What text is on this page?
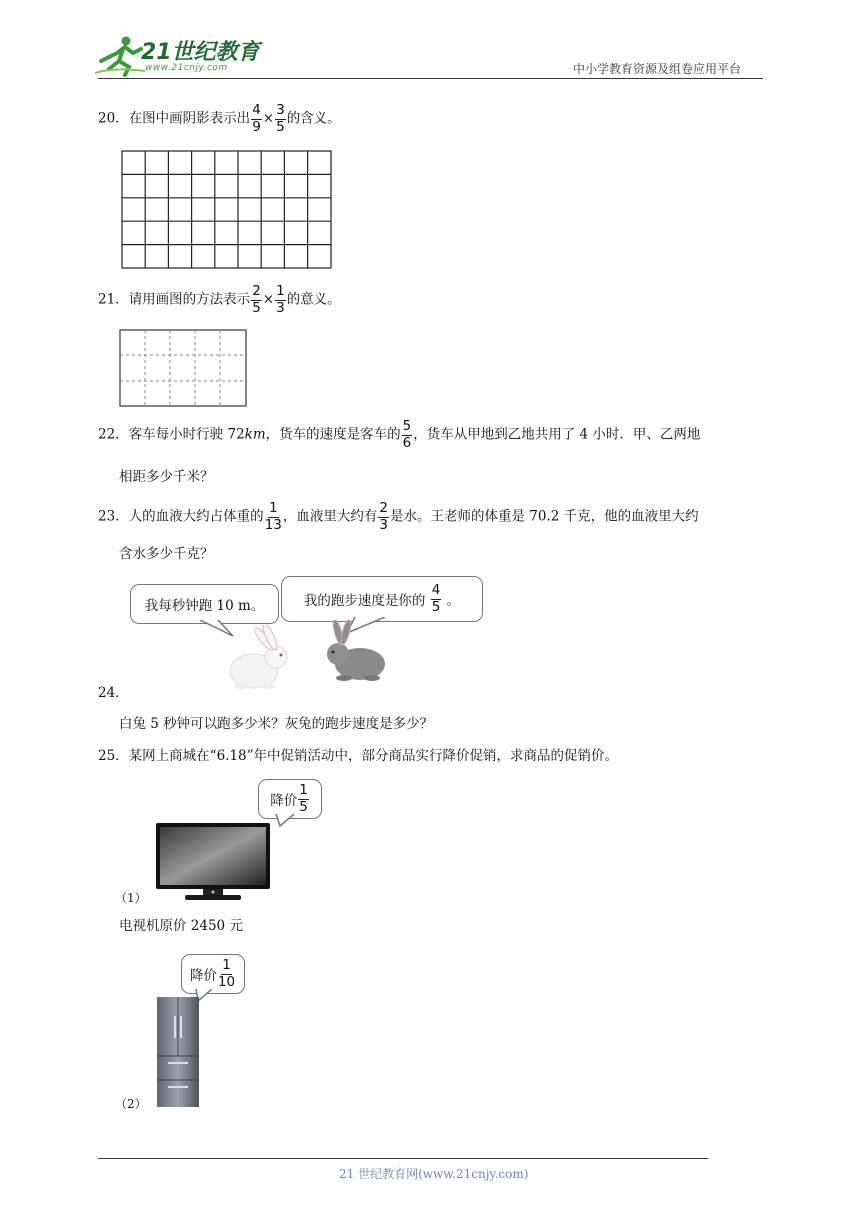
21世纪教育
www.21cnjy.com	中小学教育资源及组卷应用平台
20．在图中画阴影表示出 $\frac{4}{9} \times \frac{3}{5}$ 的含义。
21．请用画图的方法表示 $\frac{2}{5} \times \frac{1}{3}$ 的意义。
22．客车每小时行驶 72km，货车的速度是客车的 $\frac{5}{6}$ ，货车从甲地到乙地共用了 4 小时．甲、乙两地
相距多少千米？
23．人的血液大约占体重的 $\frac{1}{13}$ ，血液里大约有 $\frac{2}{3}$ 是水。王老师的体重是 70.2 千克，他的血液里大约
含水多少千克？
我每秒钟跑 10 m。	我的跑步速度是你的
$\frac{4}{5}$
。
24．
白兔 5 秒钟可以跑多少米？灰兔的跑步速度是多少？
25．某网上商城在“6.18”年中促销活动中，部分商品实行降价促销，求商品的促销价。
降价 $\frac{1}{5}$
（1）
电视机原价 2450 元
降价 $\frac{1}{10}$
（2）
21 世纪教育网(www.21cnjy.com)
